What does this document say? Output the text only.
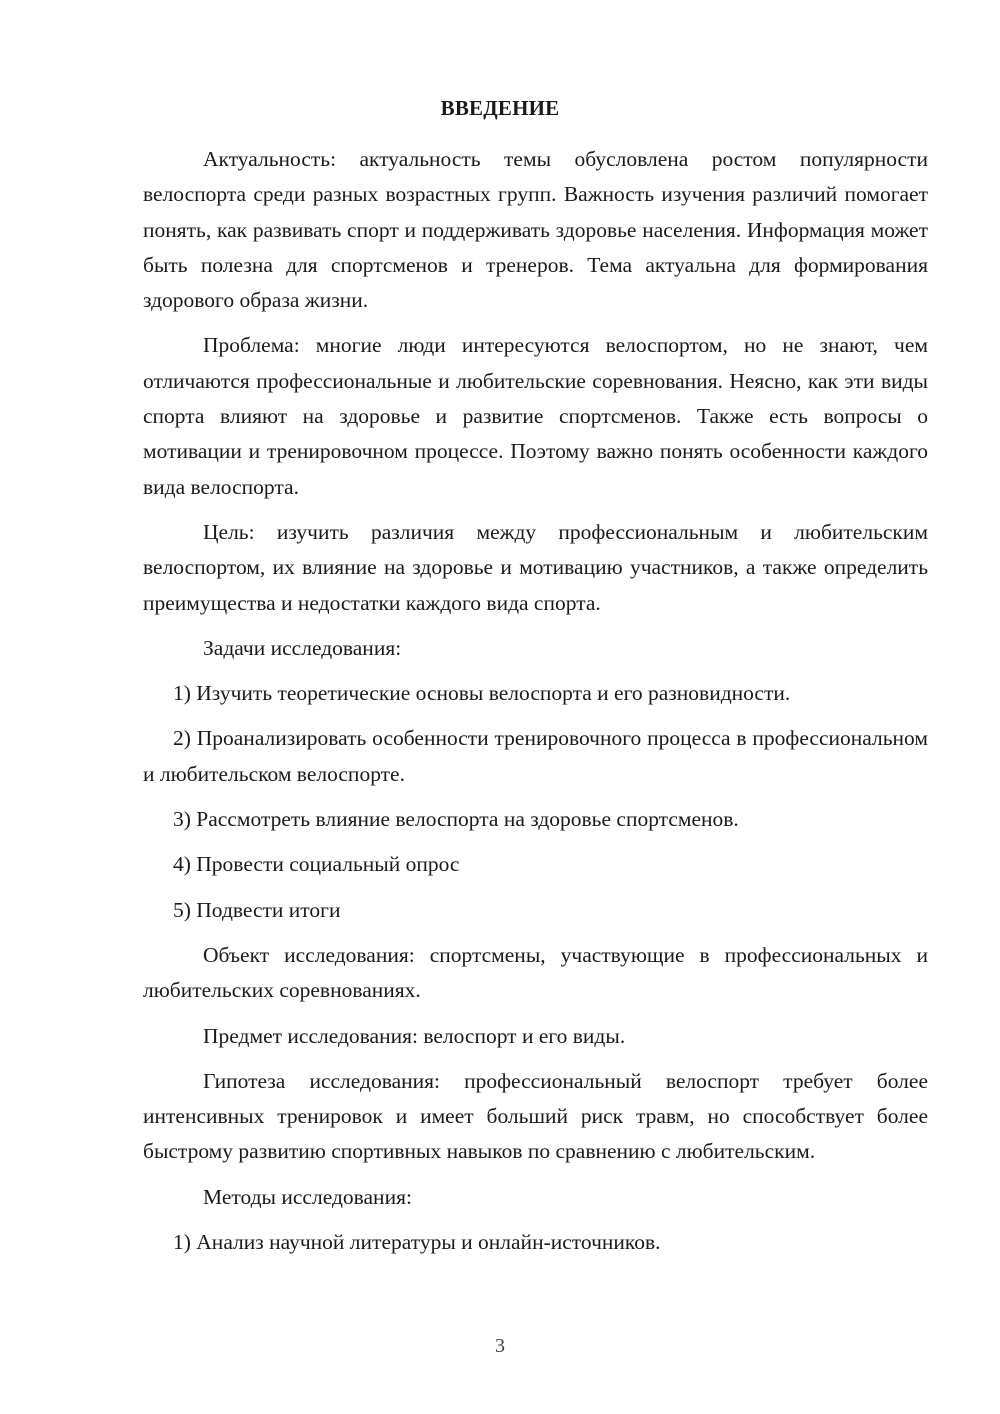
ВВЕДЕНИЕ

Актуальность: актуальность темы обусловлена ростом популярности велоспорта среди разных возрастных групп. Важность изучения различий помогает понять, как развивать спорт и поддерживать здоровье населения. Информация может быть полезна для спортсменов и тренеров. Тема актуальна для формирования здорового образа жизни.

Проблема: многие люди интересуются велоспортом, но не знают, чем отличаются профессиональные и любительские соревнования. Неясно, как эти виды спорта влияют на здоровье и развитие спортсменов. Также есть вопросы о мотивации и тренировочном процессе. Поэтому важно понять особенности каждого вида велоспорта.

Цель: изучить различия между профессиональным и любительским велоспортом, их влияние на здоровье и мотивацию участников, а также определить преимущества и недостатки каждого вида спорта.

Задачи исследования:

1) Изучить теоретические основы велоспорта и его разновидности.

2) Проанализировать особенности тренировочного процесса в профессиональном и любительском велоспорте.

3) Рассмотреть влияние велоспорта на здоровье спортсменов.

4) Провести социальный опрос

5) Подвести итоги

Объект исследования: спортсмены, участвующие в профессиональных и любительских соревнованиях.

Предмет исследования: велоспорт и его виды.

Гипотеза исследования: профессиональный велоспорт требует более интенсивных тренировок и имеет больший риск травм, но способствует более быстрому развитию спортивных навыков по сравнению с любительским.

Методы исследования:

1) Анализ научной литературы и онлайн-источников.

3
